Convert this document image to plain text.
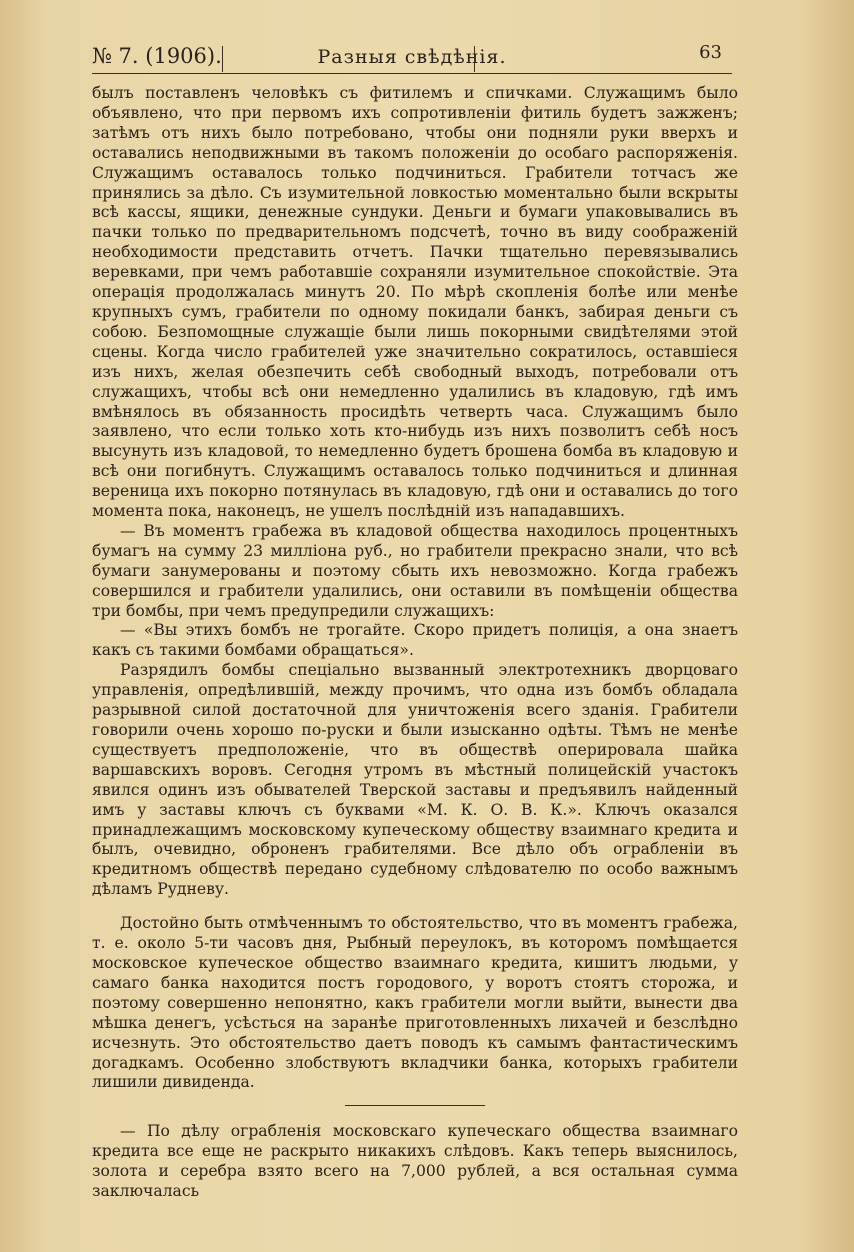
№ 7. (1906).	Разныя свѣдѣнія.	63

былъ поставленъ человѣкъ съ фитилемъ и спичками. Служащимъ было объявлено, что при первомъ ихъ сопротивленіи фитиль будетъ зажженъ; затѣмъ отъ нихъ было потребовано, чтобы они подняли руки вверхъ и оставались неподвижными въ такомъ положеніи до особаго распоряженія. Служащимъ оставалось только подчиниться. Грабители тотчасъ же принялись за дѣло. Съ изумительной ловкостью моментально были вскрыты всѣ кассы, ящики, денежные сундуки. Деньги и бумаги упаковывались въ пачки только по предварительномъ подсчетѣ, точно въ виду соображеній необходимости представить отчетъ. Пачки тщательно перевязывались веревками, при чемъ работавшіе сохраняли изумительное спокойствіе. Эта операція продолжалась минутъ 20. По мѣрѣ скопленія болѣе или менѣе крупныхъ сумъ, грабители по одному покидали банкъ, забирая деньги съ собою. Безпомощные служащіе были лишь покорными свидѣтелями этой сцены. Когда число грабителей уже значительно сократилось, оставшіеся изъ нихъ, желая обезпечить себѣ свободный выходъ, потребовали отъ служащихъ, чтобы всѣ они немедленно удалились въ кладовую, гдѣ имъ вмѣнялось въ обязанность просидѣть четверть часа. Служащимъ было заявлено, что если только хоть кто-нибудь изъ нихъ позволитъ себѣ носъ высунуть изъ кладовой, то немедленно будетъ брошена бомба въ кладовую и всѣ они погибнутъ. Служащимъ оставалось только подчиниться и длинная вереница ихъ покорно потянулась въ кладовую, гдѣ они и оставались до того момента пока, наконецъ, не ушелъ послѣдній изъ нападавшихъ.

— Въ моментъ грабежа въ кладовой общества находилось процентныхъ бумагъ на сумму 23 милліона руб., но грабители прекрасно знали, что всѣ бумаги занумерованы и поэтому сбыть ихъ невозможно. Когда грабежъ совершился и грабители удалились, они оставили въ помѣщеніи общества три бомбы, при чемъ предупредили служащихъ:

— «Вы этихъ бомбъ не трогайте. Скоро придетъ полиція, а она знаетъ какъ съ такими бомбами обращаться».

Разрядилъ бомбы спеціально вызванный электротехникъ дворцоваго управленія, опредѣлившій, между прочимъ, что одна изъ бомбъ обладала разрывной силой достаточной для уничтоженія всего зданія. Грабители говорили очень хорошо по-руски и были изысканно одѣты. Тѣмъ не менѣе существуетъ предположеніе, что въ обществѣ оперировала шайка варшавскихъ воровъ. Сегодня утромъ въ мѣстный полицейскій участокъ явился одинъ изъ обывателей Тверской заставы и предъявилъ найденный имъ у заставы ключъ съ буквами «М. К. О. В. К.». Ключъ оказался принадлежащимъ московскому купеческому обществу взаимнаго кредита и былъ, очевидно, оброненъ грабителями. Все дѣло объ ограбленіи въ кредитномъ обществѣ передано судебному слѣдователю по особо важнымъ дѣламъ Рудневу.

Достойно быть отмѣченнымъ то обстоятельство, что въ моментъ грабежа, т. е. около 5-ти часовъ дня, Рыбный переулокъ, въ которомъ помѣщается московское купеческое общество взаимнаго кредита, кишитъ людьми, у самаго банка находится постъ городового, у воротъ стоятъ сторожа, и поэтому совершенно непонятно, какъ грабители могли выйти, вынести два мѣшка денегъ, усѣсться на заранѣе приготовленныхъ лихачей и безслѣдно исчезнуть. Это обстоятельство даетъ поводъ къ самымъ фантастическимъ догадкамъ. Особенно злобствуютъ вкладчики банка, которыхъ грабители лишили дивиденда.

— По дѣлу ограбленія московскаго купеческаго общества взаимнаго кредита все еще не раскрыто никакихъ слѣдовъ. Какъ теперь выяснилось, золота и серебра взято всего на 7,000 рублей, а вся остальная сумма заключалась
